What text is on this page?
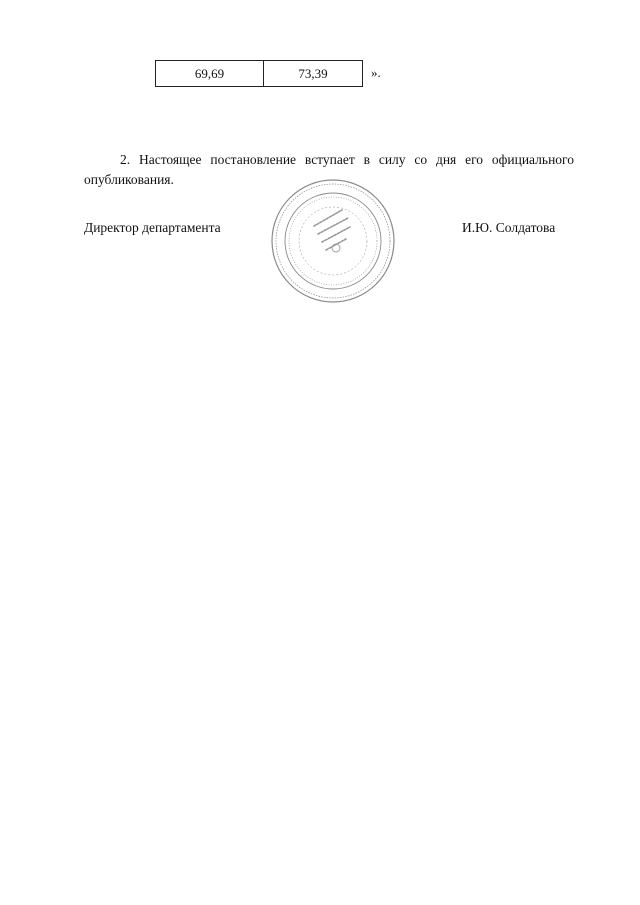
69,69	73,39	».

2. Настоящее постановление вступает в силу со дня его официального опубликования.

Директор департамента	И.Ю. Солдатова
